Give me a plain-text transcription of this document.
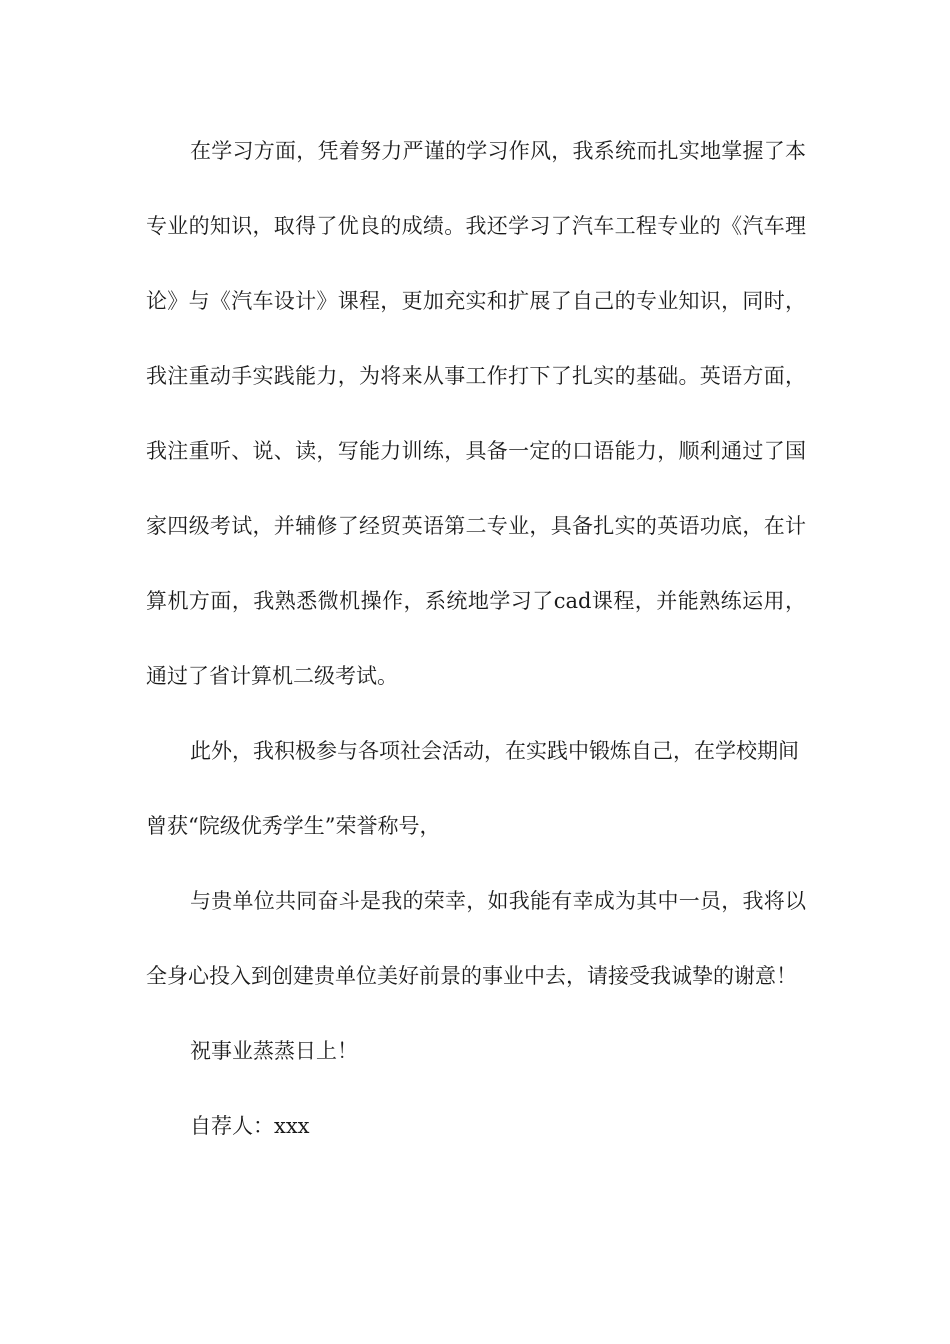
在学习方面，凭着努力严谨的学习作风，我系统而扎实地掌握了本专业的知识，取得了优良的成绩。我还学习了汽车工程专业的《汽车理论》与《汽车设计》课程，更加充实和扩展了自己的专业知识，同时，我注重动手实践能力，为将来从事工作打下了扎实的基础。英语方面，我注重听、说、读，写能力训练，具备一定的口语能力，顺利通过了国家四级考试，并辅修了经贸英语第二专业，具备扎实的英语功底，在计算机方面，我熟悉微机操作，系统地学习了cad课程，并能熟练运用，通过了省计算机二级考试。

此外，我积极参与各项社会活动，在实践中锻炼自己，在学校期间曾获“院级优秀学生”荣誉称号，

与贵单位共同奋斗是我的荣幸，如我能有幸成为其中一员，我将以全身心投入到创建贵单位美好前景的事业中去，请接受我诚挚的谢意！

祝事业蒸蒸日上！

自荐人：xxx
